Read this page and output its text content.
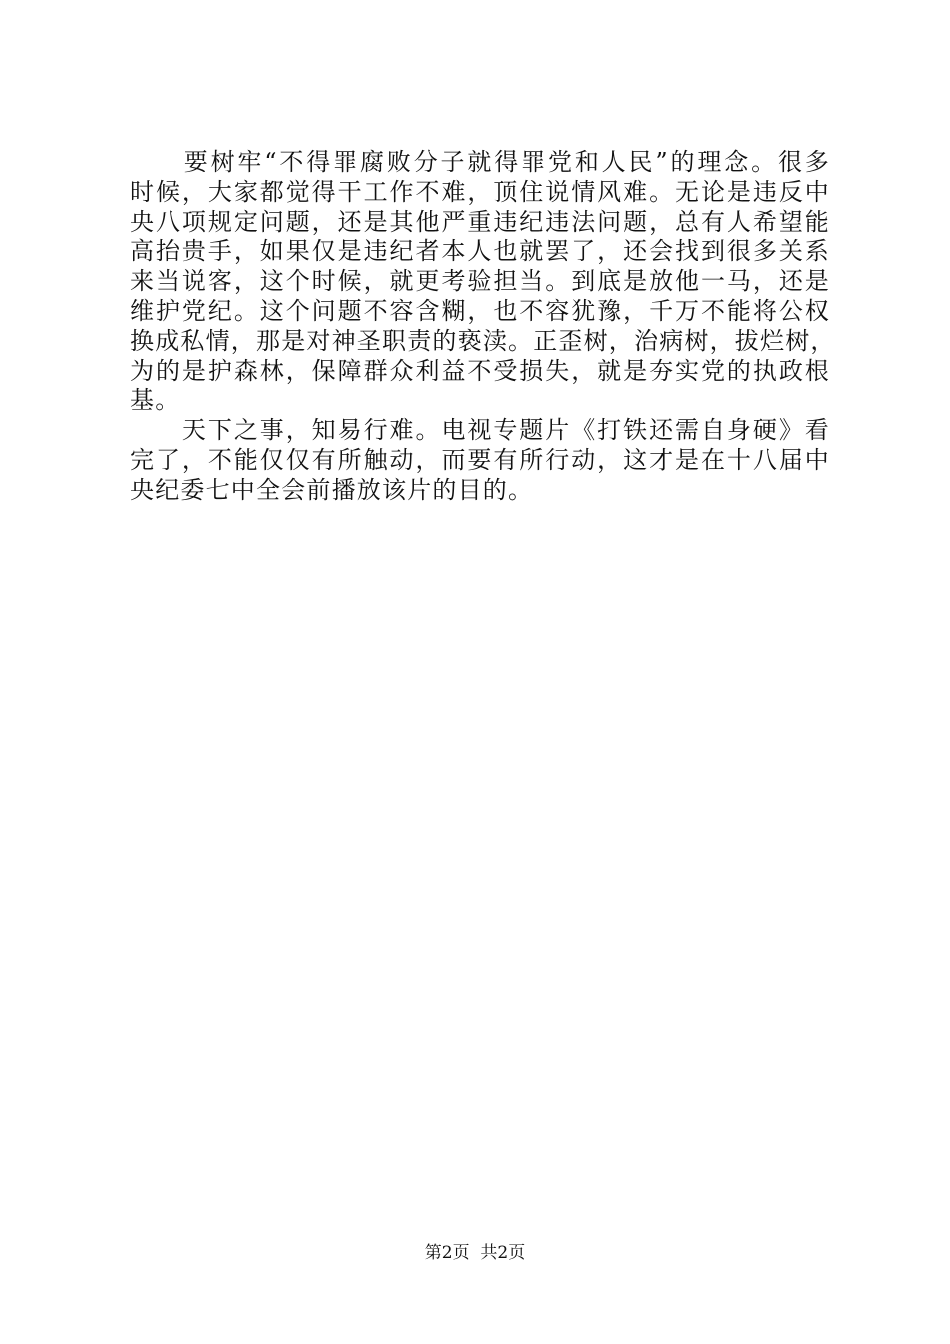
　　要树牢“不得罪腐败分子就得罪党和人民”的理念。很多
时候，大家都觉得干工作不难，顶住说情风难。无论是违反中
央八项规定问题，还是其他严重违纪违法问题，总有人希望能
高抬贵手，如果仅是违纪者本人也就罢了，还会找到很多关系
来当说客，这个时候，就更考验担当。到底是放他一马，还是
维护党纪。这个问题不容含糊，也不容犹豫，千万不能将公权
换成私情，那是对神圣职责的亵渎。正歪树，治病树，拔烂树，
为的是护森林，保障群众利益不受损失，就是夯实党的执政根
基。
　　天下之事，知易行难。电视专题片《打铁还需自身硬》看
完了，不能仅仅有所触动，而要有所行动，这才是在十八届中
央纪委七中全会前播放该片的目的。
第2页  共2页
